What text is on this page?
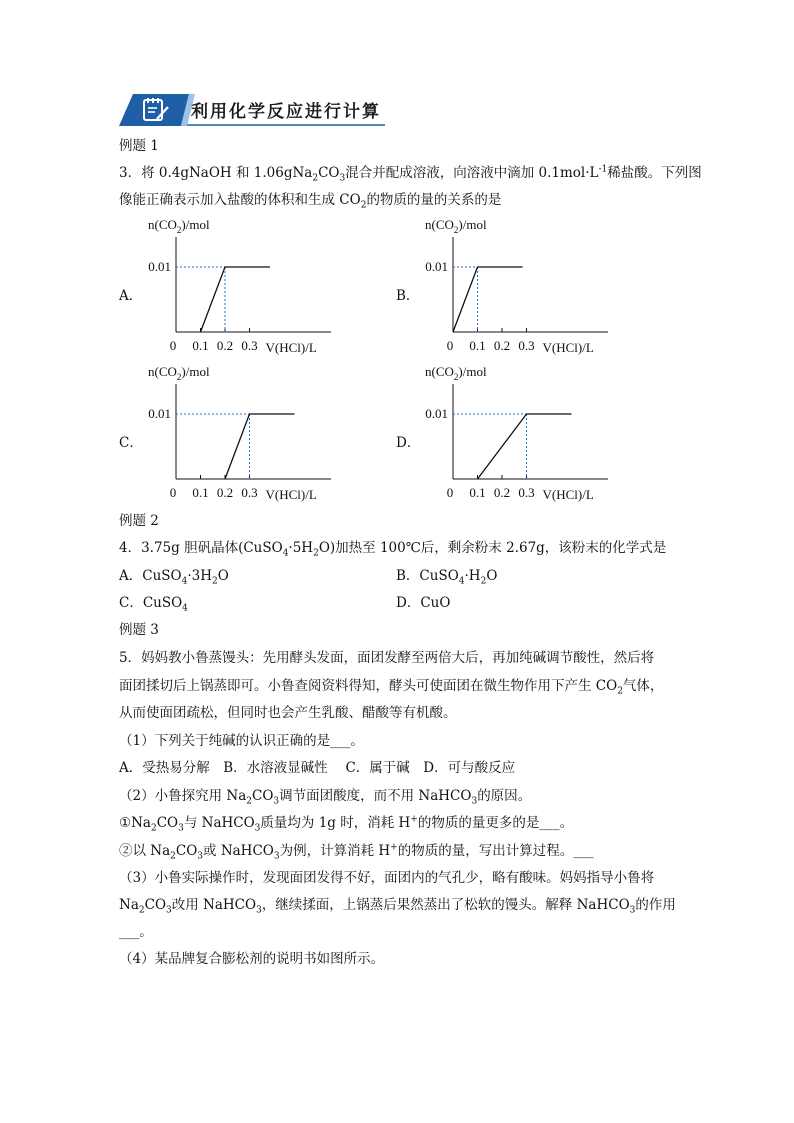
利用化学反应进行计算
例题 1
3．将 0.4gNaOH 和 $1.06gNa_2CO_3$混合并配成溶液，向溶液中滴加 $0.1mol\cdot L^{-1}$稀盐酸。下列图
像能正确表示加入盐酸的体积和生成 $CO_2$的物质的量的关系的是
$n(CO_2)$/mol
0.01
0 0.1 0.2 0.3 V(HCl)/L
A．
$n(CO_2)$/mol
0.01
0 0.1 0.2 0.3 V(HCl)/L
B．
$n(CO_2)$/mol
0.01
0 0.1 0.2 0.3 V(HCl)/L
C．
$n(CO_2)$/mol
0.01
0 0.1 0.2 0.3 V(HCl)/L
D．
例题 2
4．3.75g 胆矾晶体$(CuSO_4\cdot 5H_2O)$加热至 100℃后，剩余粉末 2.67g，该粉末的化学式是
A．$CuSO_4\cdot 3H_2O$	B．$CuSO_4\cdot H_2O$
C．CuSO$_4$	D．CuO
例题 3
5．妈妈教小鲁蒸馒头：先用酵头发面，面团发酵至两倍大后，再加纯碱调节酸性，然后将
面团揉切后上锅蒸即可。小鲁查阅资料得知，酵头可使面团在微生物作用下产生 $CO_2$气体，
从而使面团疏松，但同时也会产生乳酸、醋酸等有机酸。
（1）下列关于纯碱的认识正确的是___。
A．受热易分解　B．水溶液显碱性　 C．属于碱　D．可与酸反应
（2）小鲁探究用 $Na_2CO_3$调节面团酸度，而不用 NaHCO$_3$的原因。
$①Na_2CO_3$与 NaHCO$_3$质量均为 1g 时，消耗 H+的物质的量更多的是___。
②以 $Na_2CO_3$或 NaHCO$_3$为例，计算消耗 H+的物质的量，写出计算过程。___
（3）小鲁实际操作时，发现面团发得不好，面团内的气孔少，略有酸味。妈妈指导小鲁将
$Na_2CO_3$改用 NaHCO$_3$，继续揉面，上锅蒸后果然蒸出了松软的馒头。解释 NaHCO$_3$的作用
___。
（4）某品牌复合膨松剂的说明书如图所示。
